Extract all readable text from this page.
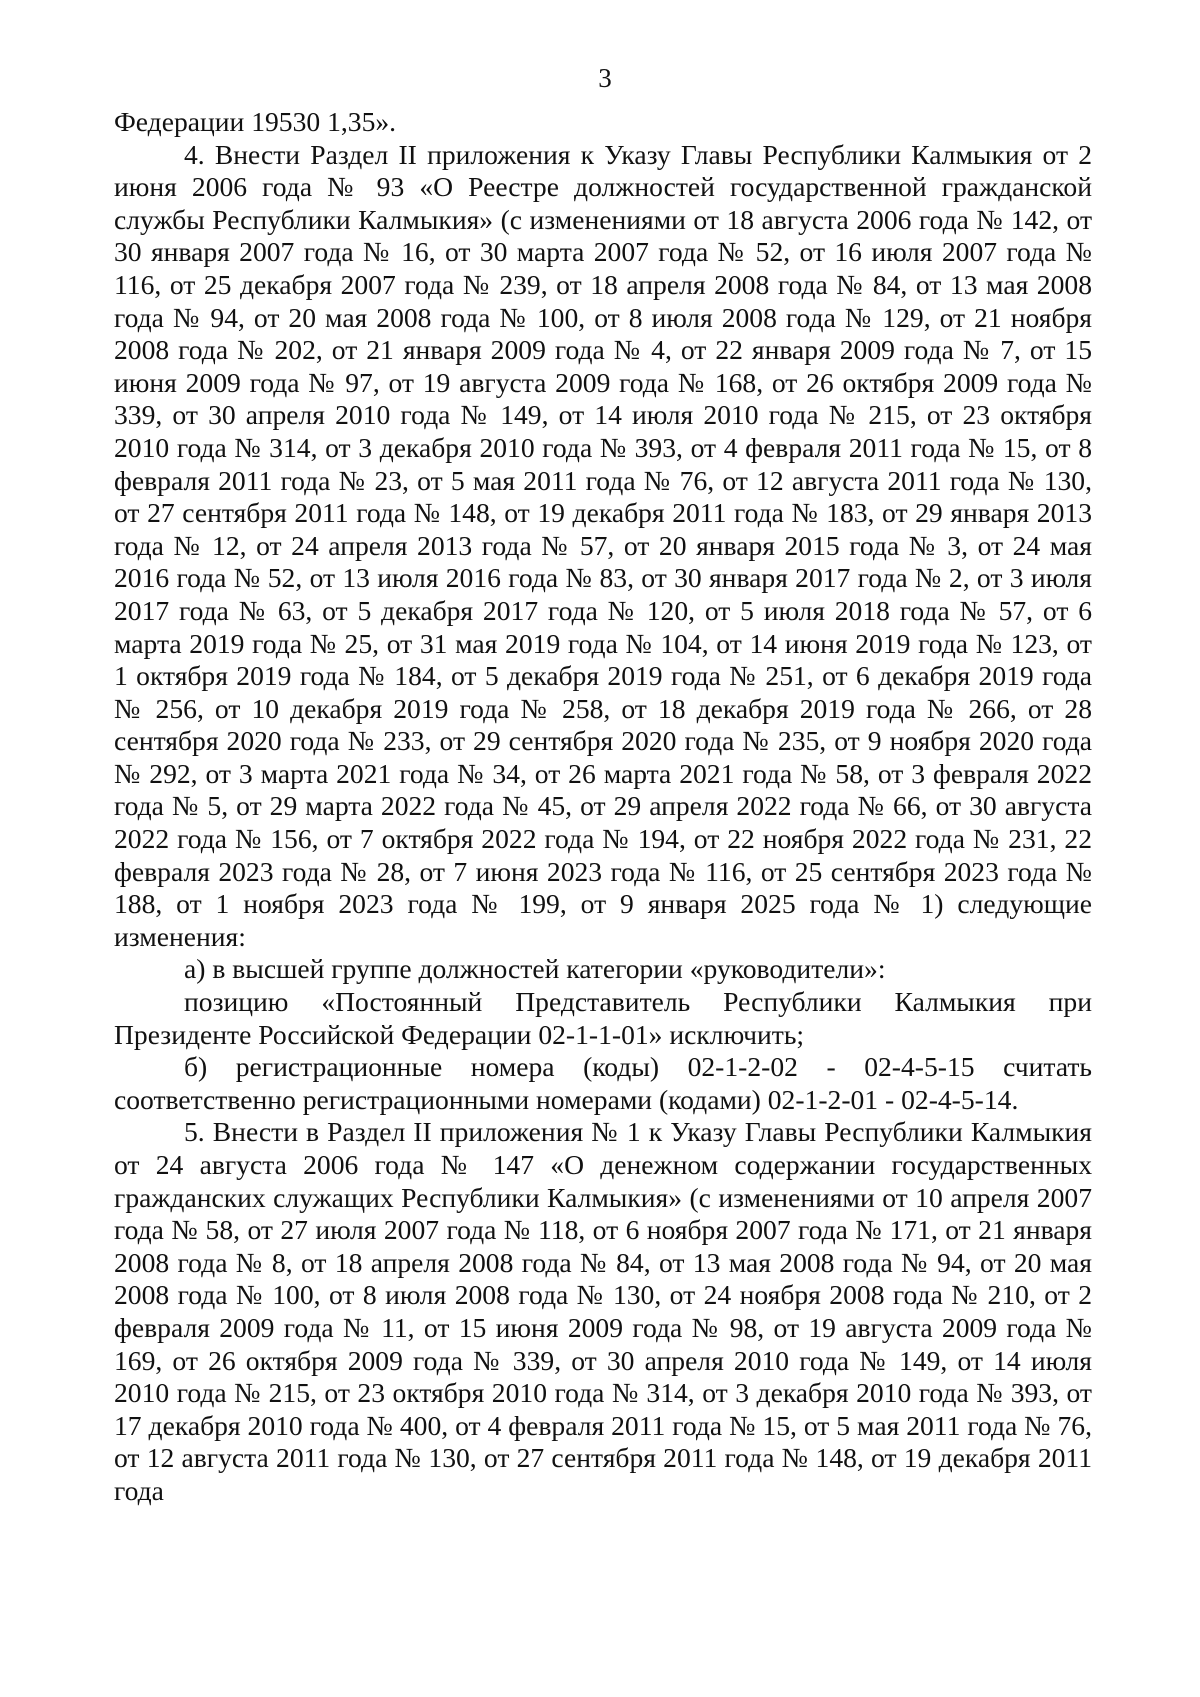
3

Федерации 19530 1,35».

4. Внести Раздел II приложения к Указу Главы Республики Калмыкия от 2 июня 2006 года № 93 «О Реестре должностей государственной гражданской службы Республики Калмыкия» (с изменениями от 18 августа 2006 года № 142, от 30 января 2007 года № 16, от 30 марта 2007 года № 52, от 16 июля 2007 года № 116, от 25 декабря 2007 года № 239, от 18 апреля 2008 года № 84, от 13 мая 2008 года № 94, от 20 мая 2008 года № 100, от 8 июля 2008 года № 129, от 21 ноября 2008 года № 202, от 21 января 2009 года № 4, от 22 января 2009 года № 7, от 15 июня 2009 года № 97, от 19 августа 2009 года № 168, от 26 октября 2009 года № 339, от 30 апреля 2010 года № 149, от 14 июля 2010 года № 215, от 23 октября 2010 года № 314, от 3 декабря 2010 года № 393, от 4 февраля 2011 года № 15, от 8 февраля 2011 года № 23, от 5 мая 2011 года № 76, от 12 августа 2011 года № 130, от 27 сентября 2011 года № 148, от 19 декабря 2011 года № 183, от 29 января 2013 года № 12, от 24 апреля 2013 года № 57, от 20 января 2015 года № 3, от 24 мая 2016 года № 52, от 13 июля 2016 года № 83, от 30 января 2017 года № 2, от 3 июля 2017 года № 63, от 5 декабря 2017 года № 120, от 5 июля 2018 года № 57, от 6 марта 2019 года № 25, от 31 мая 2019 года № 104, от 14 июня 2019 года № 123, от 1 октября 2019 года № 184, от 5 декабря 2019 года № 251, от 6 декабря 2019 года № 256, от 10 декабря 2019 года № 258, от 18 декабря 2019 года № 266, от 28 сентября 2020 года № 233, от 29 сентября 2020 года № 235, от 9 ноября 2020 года № 292, от 3 марта 2021 года № 34, от 26 марта 2021 года № 58, от 3 февраля 2022 года № 5, от 29 марта 2022 года № 45, от 29 апреля 2022 года № 66, от 30 августа 2022 года № 156, от 7 октября 2022 года № 194, от 22 ноября 2022 года № 231, 22 февраля 2023 года № 28, от 7 июня 2023 года № 116, от 25 сентября 2023 года № 188, от 1 ноября 2023 года № 199, от 9 января 2025 года № 1) следующие изменения:

а) в высшей группе должностей категории «руководители»:

позицию «Постоянный Представитель Республики Калмыкия при Президенте Российской Федерации 02-1-1-01» исключить;

б) регистрационные номера (коды) 02-1-2-02 - 02-4-5-15 считать соответственно регистрационными номерами (кодами) 02-1-2-01 - 02-4-5-14.

5. Внести в Раздел II приложения № 1 к Указу Главы Республики Калмыкия от 24 августа 2006 года № 147 «О денежном содержании государственных гражданских служащих Республики Калмыкия» (с изменениями от 10 апреля 2007 года № 58, от 27 июля 2007 года № 118, от 6 ноября 2007 года № 171, от 21 января 2008 года № 8, от 18 апреля 2008 года № 84, от 13 мая 2008 года № 94, от 20 мая 2008 года № 100, от 8 июля 2008 года № 130, от 24 ноября 2008 года № 210, от 2 февраля 2009 года № 11, от 15 июня 2009 года № 98, от 19 августа 2009 года № 169, от 26 октября 2009 года № 339, от 30 апреля 2010 года № 149, от 14 июля 2010 года № 215, от 23 октября 2010 года № 314, от 3 декабря 2010 года № 393, от 17 декабря 2010 года № 400, от 4 февраля 2011 года № 15, от 5 мая 2011 года № 76, от 12 августа 2011 года № 130, от 27 сентября 2011 года № 148, от 19 декабря 2011 года
